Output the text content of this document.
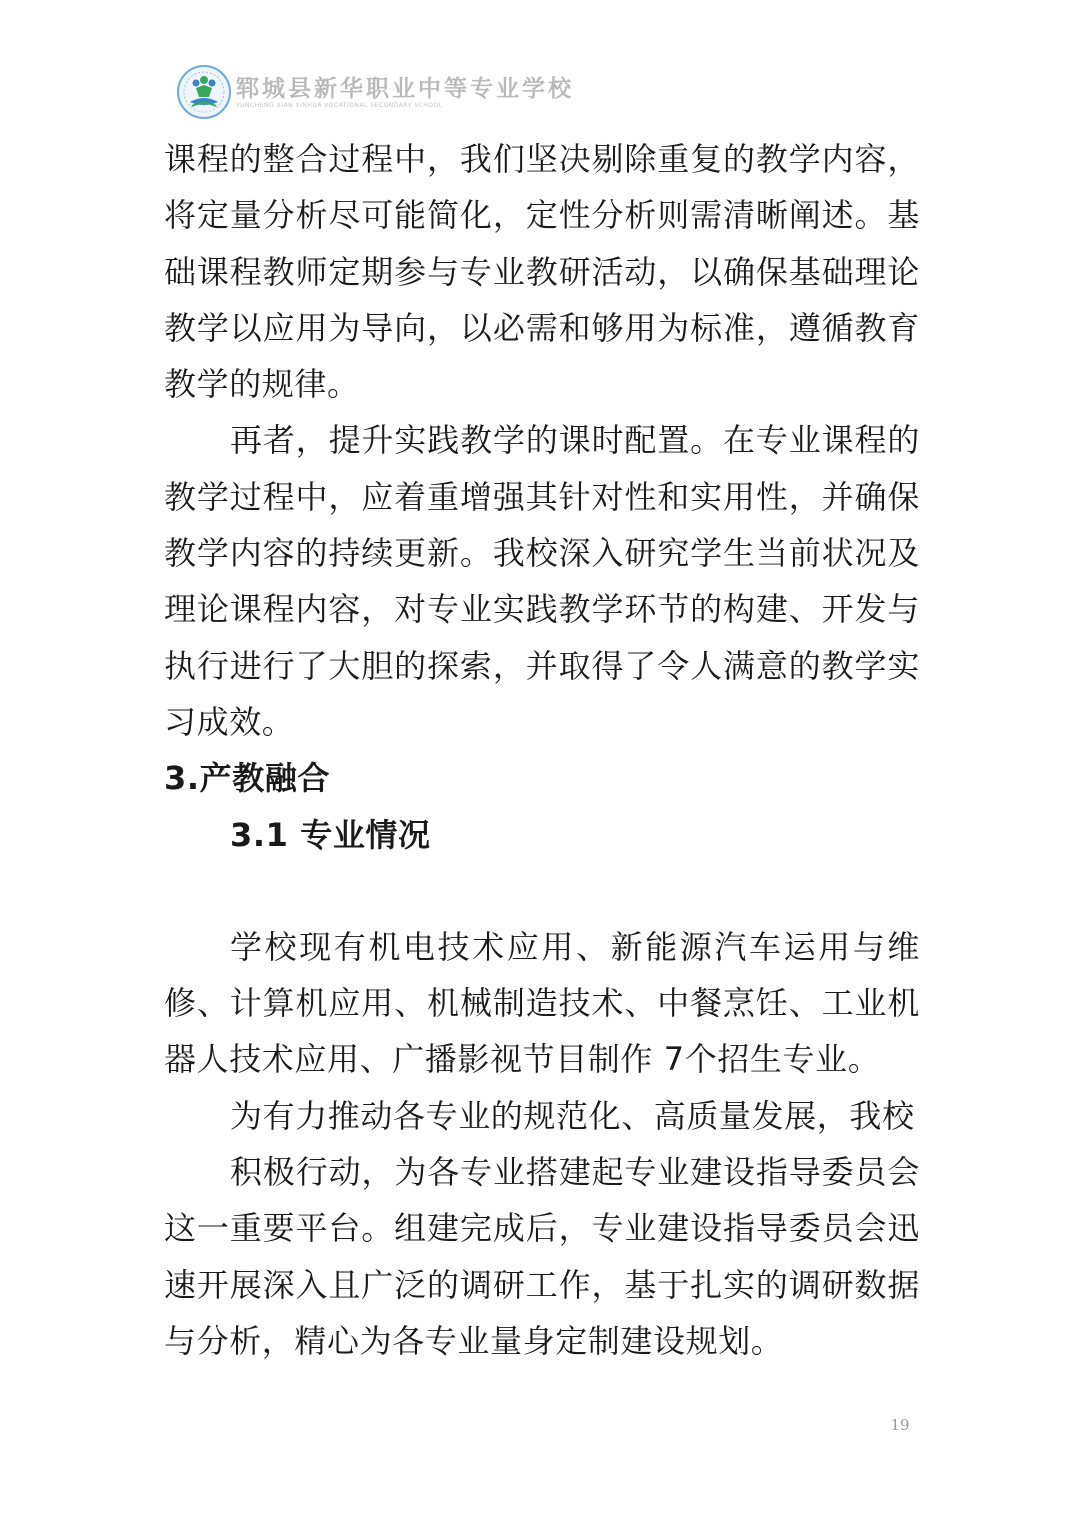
郓城县新华职业中等专业学校
YUNCHENG XIAN XINHUA VOCATIONAL SECONDARY SCHOOL

课程的整合过程中，我们坚决剔除重复的教学内容，将定量分析尽可能简化，定性分析则需清晰阐述。基础课程教师定期参与专业教研活动，以确保基础理论教学以应用为导向，以必需和够用为标准，遵循教育教学的规律。

再者，提升实践教学的课时配置。在专业课程的教学过程中，应着重增强其针对性和实用性，并确保教学内容的持续更新。我校深入研究学生当前状况及理论课程内容，对专业实践教学环节的构建、开发与执行进行了大胆的探索，并取得了令人满意的教学实习成效。

3.产教融合

3.1 专业情况

学校现有机电技术应用、新能源汽车运用与维修、计算机应用、机械制造技术、中餐烹饪、工业机器人技术应用、广播影视节目制作 7个招生专业。

为有力推动各专业的规范化、高质量发展，我校

积极行动，为各专业搭建起专业建设指导委员会这一重要平台。组建完成后，专业建设指导委员会迅速开展深入且广泛的调研工作，基于扎实的调研数据与分析，精心为各专业量身定制建设规划。

19
